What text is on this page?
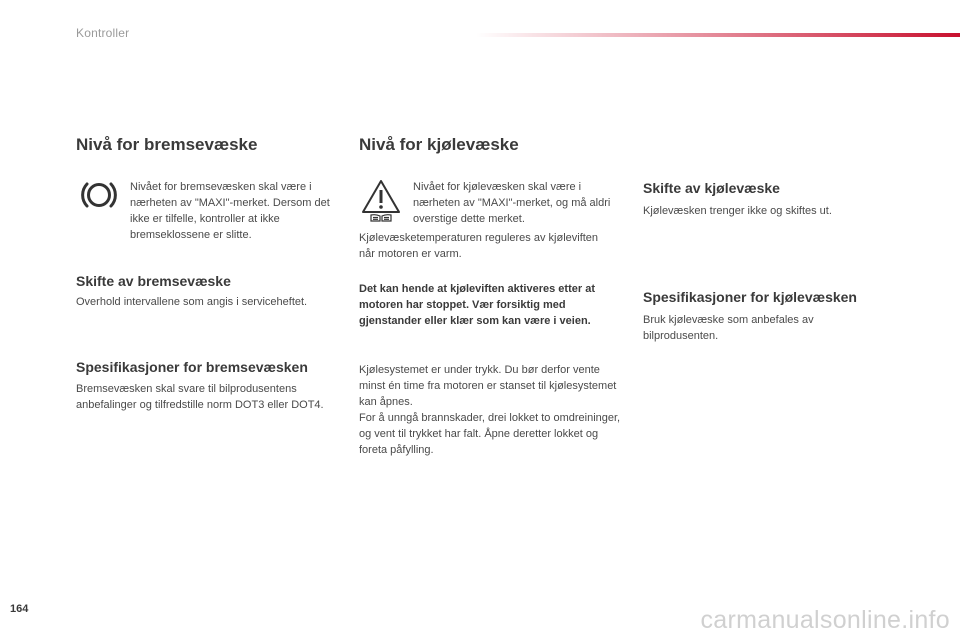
Kontroller
Nivå for bremsevæske

Nivået for bremsevæsken skal være i nærheten av "MAXI"-merket. Dersom det ikke er tilfelle, kontroller at ikke bremseklossene er slitte.

Skifte av bremsevæske

Overhold intervallene som angis i serviceheftet.

Spesifikasjoner for bremsevæsken

Bremsevæsken skal svare til bilprodusentens anbefalinger og tilfredstille norm DOT3 eller DOT4.

Nivå for kjølevæske

Nivået for kjølevæsken skal være i nærheten av "MAXI"-merket, og må aldri overstige dette merket.

Kjølevæsketemperaturen reguleres av kjøleviften når motoren er varm.

Det kan hende at kjøleviften aktiveres etter at motoren har stoppet. Vær forsiktig med gjenstander eller klær som kan være i veien.

Kjølesystemet er under trykk. Du bør derfor vente minst én time fra motoren er stanset til kjølesystemet kan åpnes.

For å unngå brannskader, drei lokket to omdreininger, og vent til trykket har falt. Åpne deretter lokket og foreta påfylling.

Skifte av kjølevæske

Kjølevæsken trenger ikke og skiftes ut.

Spesifikasjoner for kjølevæsken

Bruk kjølevæske som anbefales av bilprodusenten.

164	carmanualsonline.info
